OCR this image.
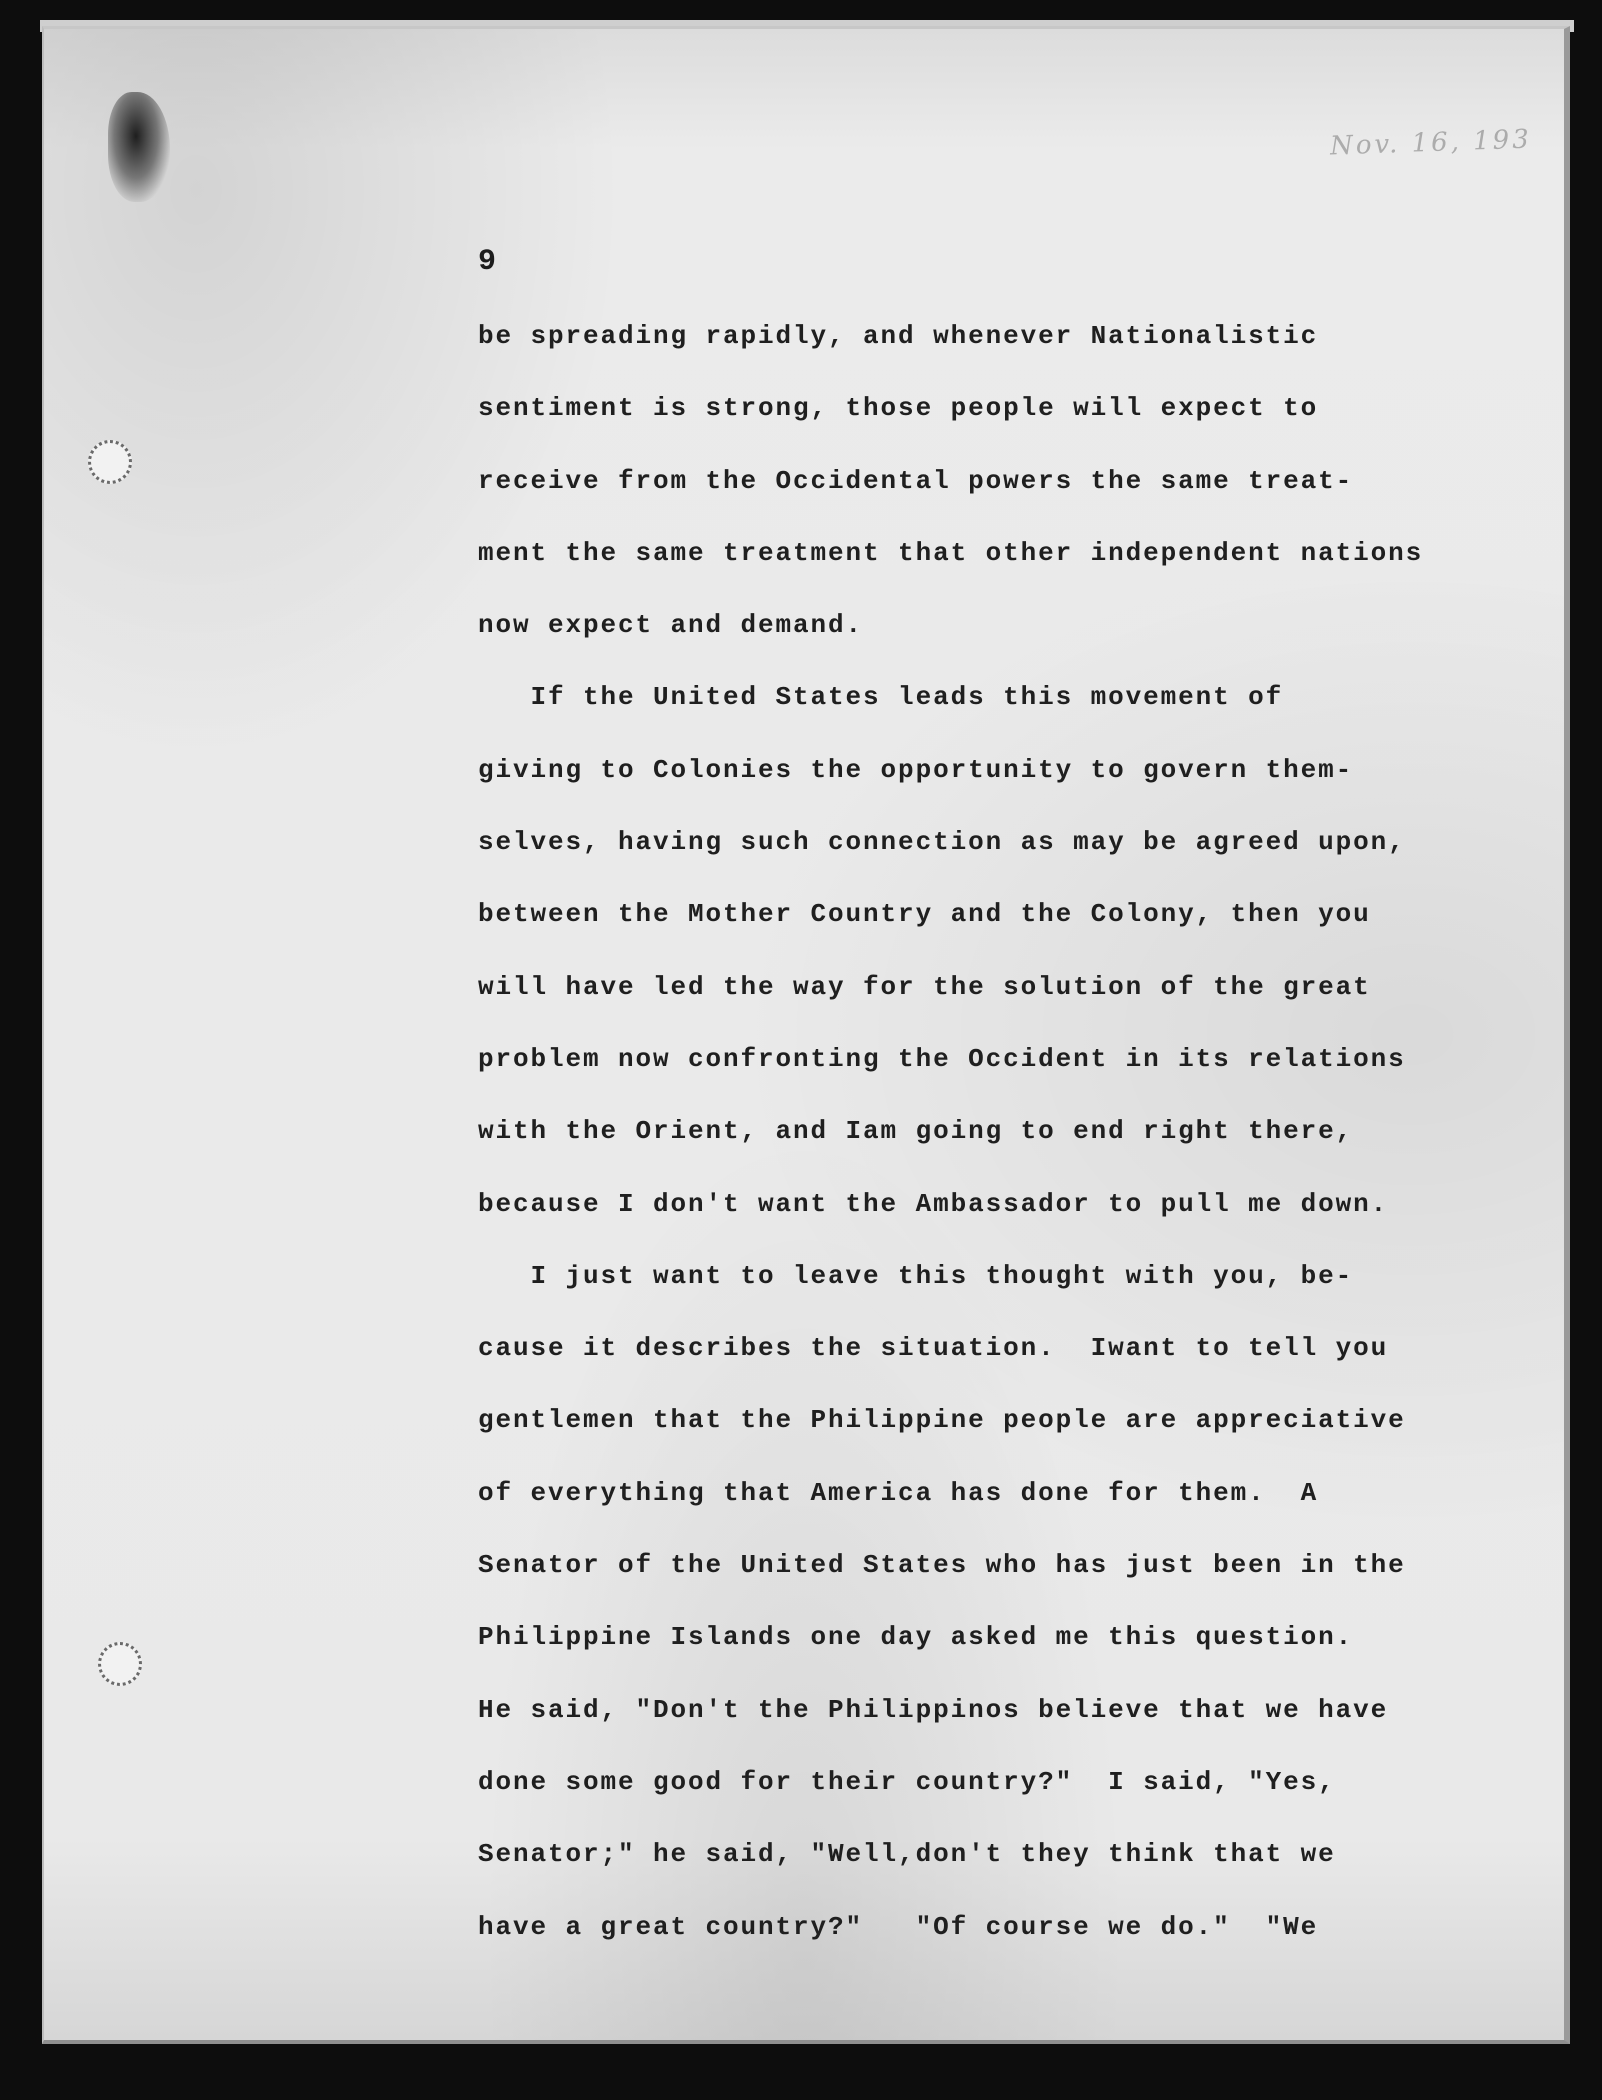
Nov. 16, 193
9
be spreading rapidly, and whenever Nationalistic
sentiment is strong, those people will expect to
receive from the Occidental powers the same treat-
ment the same treatment that other independent nations
now expect and demand.
If the United States leads this movement of
giving to Colonies the opportunity to govern them-
selves, having such connection as may be agreed upon,
between the Mother Country and the Colony, then you
will have led the way for the solution of the great
problem now confronting the Occident in its relations
with the Orient, and Iam going to end right there,
because I don't want the Ambassador to pull me down.
I just want to leave this thought with you, be-
cause it describes the situation.  Iwant to tell you
gentlemen that the Philippine people are appreciative
of everything that America has done for them.  A
Senator of the United States who has just been in the
Philippine Islands one day asked me this question.
He said, "Don't the Philippinos believe that we have
done some good for their country?"  I said, "Yes,
Senator;" he said, "Well,don't they think that we
have a great country?"   "Of course we do."  "We
